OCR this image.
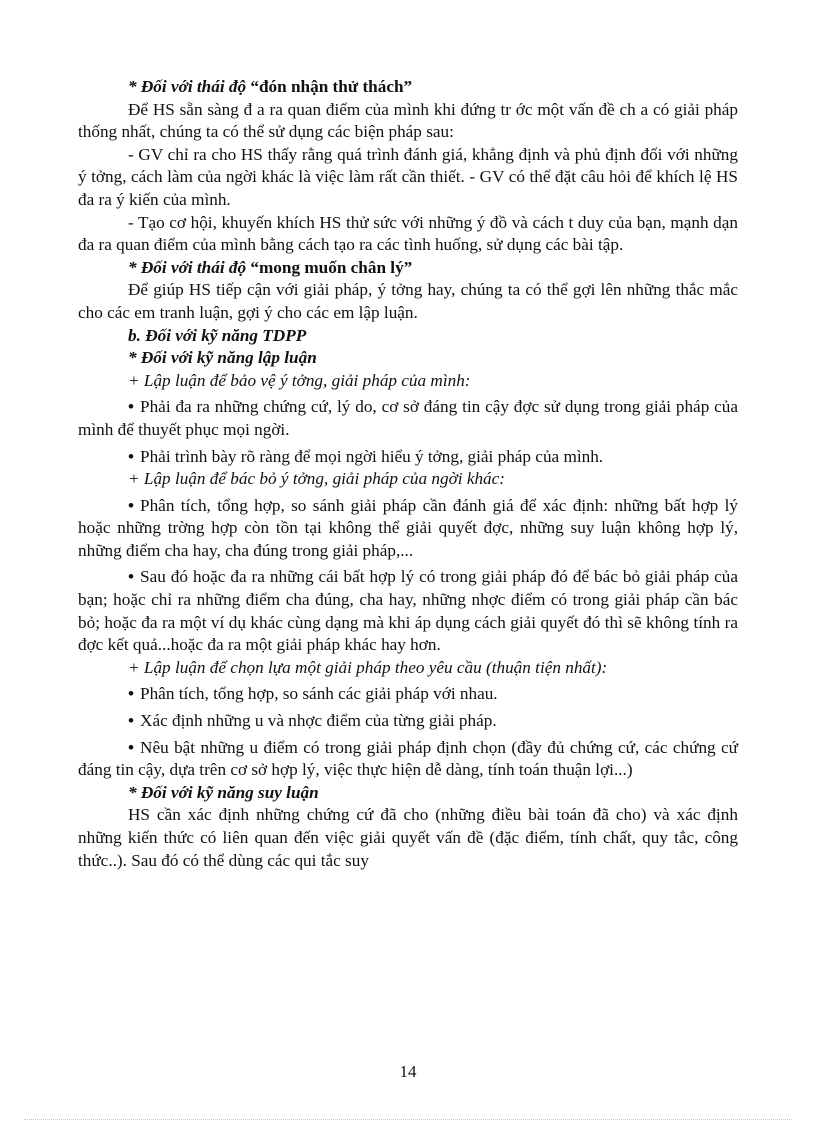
* Đối với thái độ “đón nhận thử thách”

Để HS sẵn sàng đ a ra quan điểm của mình khi đứng tr ớc một vấn đề ch a có giải pháp thống nhất, chúng ta có thể sử dụng các biện pháp sau:

- GV chỉ ra cho HS thấy rằng quá trình đánh giá, khẳng định và phủ định đối với những ý tởng, cách làm của ngời khác là việc làm rất cần thiết. - GV có thể đặt câu hỏi để khích lệ HS đa ra ý kiến của mình.

- Tạo cơ hội, khuyến khích HS thử sức với những ý đồ và cách t duy của bạn, mạnh dạn đa ra quan điểm của mình bằng cách tạo ra các tình huống, sử dụng các bài tập.

* Đối với thái độ “mong muốn chân lý”

Để giúp HS tiếp cận với giải pháp, ý tởng hay, chúng ta có thể gợi lên những thắc mắc cho các em tranh luận, gợi ý cho các em lập luận.

b. Đối với kỹ năng TDPP

* Đối với kỹ năng lập luận

+ Lập luận để bảo vệ ý tởng, giải pháp của mình:

• Phải đa ra những chứng cứ, lý do, cơ sở đáng tin cậy đợc sử dụng trong giải pháp của mình để thuyết phục mọi ngời.

• Phải trình bày rõ ràng để mọi ngời hiểu ý tởng, giải pháp của mình.

+ Lập luận để bác bỏ ý tởng, giải pháp của ngời khác:

• Phân tích, tổng hợp, so sánh giải pháp cần đánh giá để xác định: những bất hợp lý hoặc những trờng hợp còn tồn tại không thể giải quyết đợc, những suy luận không hợp lý, những điểm cha hay, cha đúng trong giải pháp,...

• Sau đó hoặc đa ra những cái bất hợp lý có trong giải pháp đó để bác bỏ giải pháp của bạn; hoặc chỉ ra những điểm cha đúng, cha hay, những nhợc điểm có trong giải pháp cần bác bỏ; hoặc đa ra một ví dụ khác cùng dạng mà khi áp dụng cách giải quyết đó thì sẽ không tính ra đợc kết quả...hoặc đa ra một giải pháp khác hay hơn.

+ Lập luận để chọn lựa một giải pháp theo yêu cầu (thuận tiện nhất):

• Phân tích, tổng hợp, so sánh các giải pháp với nhau.

• Xác định những u và nhợc điểm của từng giải pháp.

• Nêu bật những u điểm có trong giải pháp định chọn (đầy đủ chứng cứ, các chứng cứ đáng tin cậy, dựa trên cơ sở hợp lý, việc thực hiện dễ dàng, tính toán thuận lợi...)

* Đối với kỹ năng suy luận

HS cần xác định những chứng cứ đã cho (những điều bài toán đã cho) và xác định những kiến thức có liên quan đến việc giải quyết vấn đề (đặc điểm, tính chất, quy tắc, công thức..). Sau đó có thể dùng các qui tắc suy

14
